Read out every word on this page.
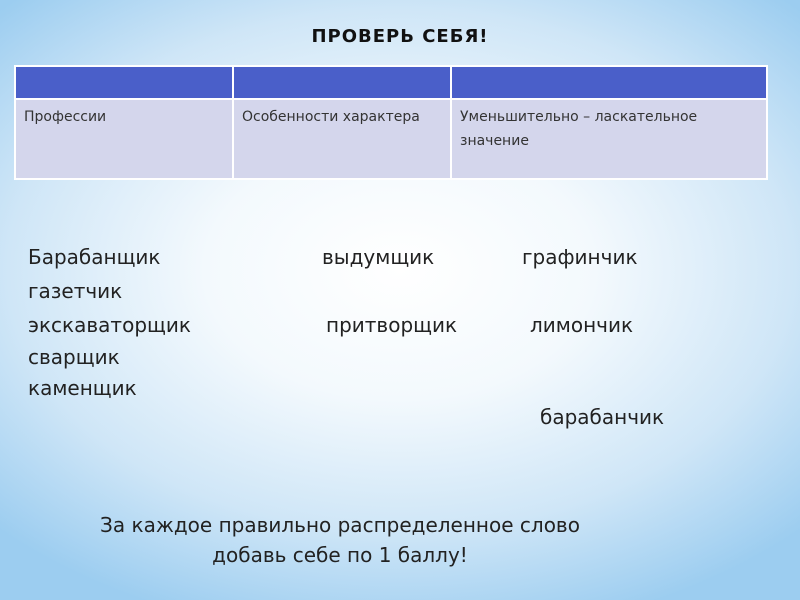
ПРОВЕРЬ СЕБЯ!

Профессии	Особенности характера	Уменьшительно – ласкательное значение
Барабанщик
газетчик
экскаваторщик
сварщик
каменщик
выдумщик
притворщик
графинчик
лимончик
барабанчик
За каждое правильно распределенное слово
добавь себе по 1 баллу!
